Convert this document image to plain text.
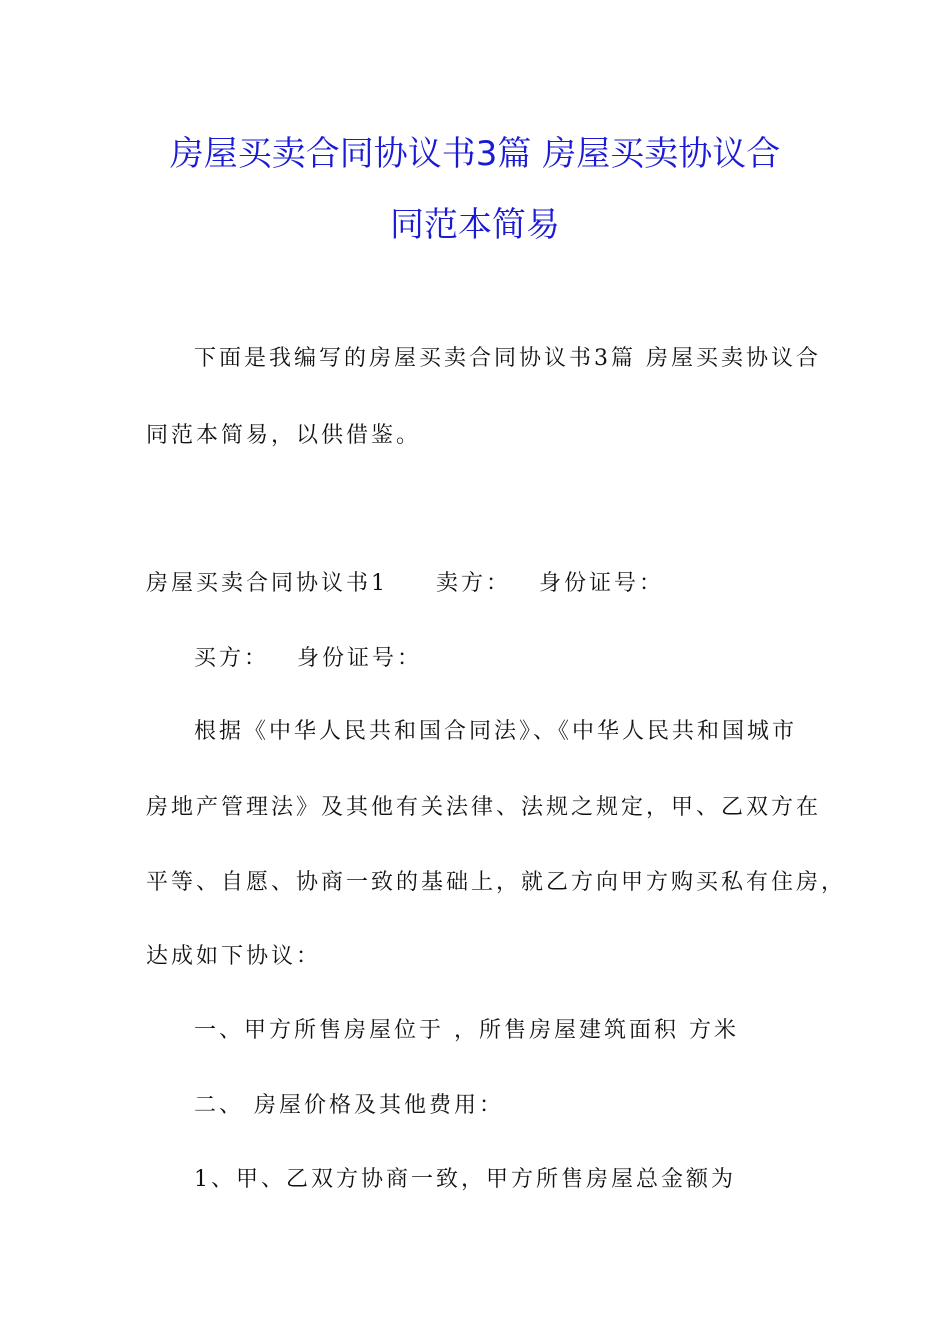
房屋买卖合同协议书3篇 房屋买卖协议合
同范本简易
下面是我编写的房屋买卖合同协议书3篇 房屋买卖协议合
同范本简易，以供借鉴。
房屋买卖合同协议书1 卖方： 身份证号：
买方： 身份证号：
根据《中华人民共和国合同法》、《中华人民共和国城市
房地产管理法》及其他有关法律、法规之规定，甲、乙双方在
平等、自愿、协商一致的基础上，就乙方向甲方购买私有住房，
达成如下协议：
一、甲方所售房屋位于 ，所售房屋建筑面积 方米
二、 房屋价格及其他费用：
1、甲、乙双方协商一致，甲方所售房屋总金额为
